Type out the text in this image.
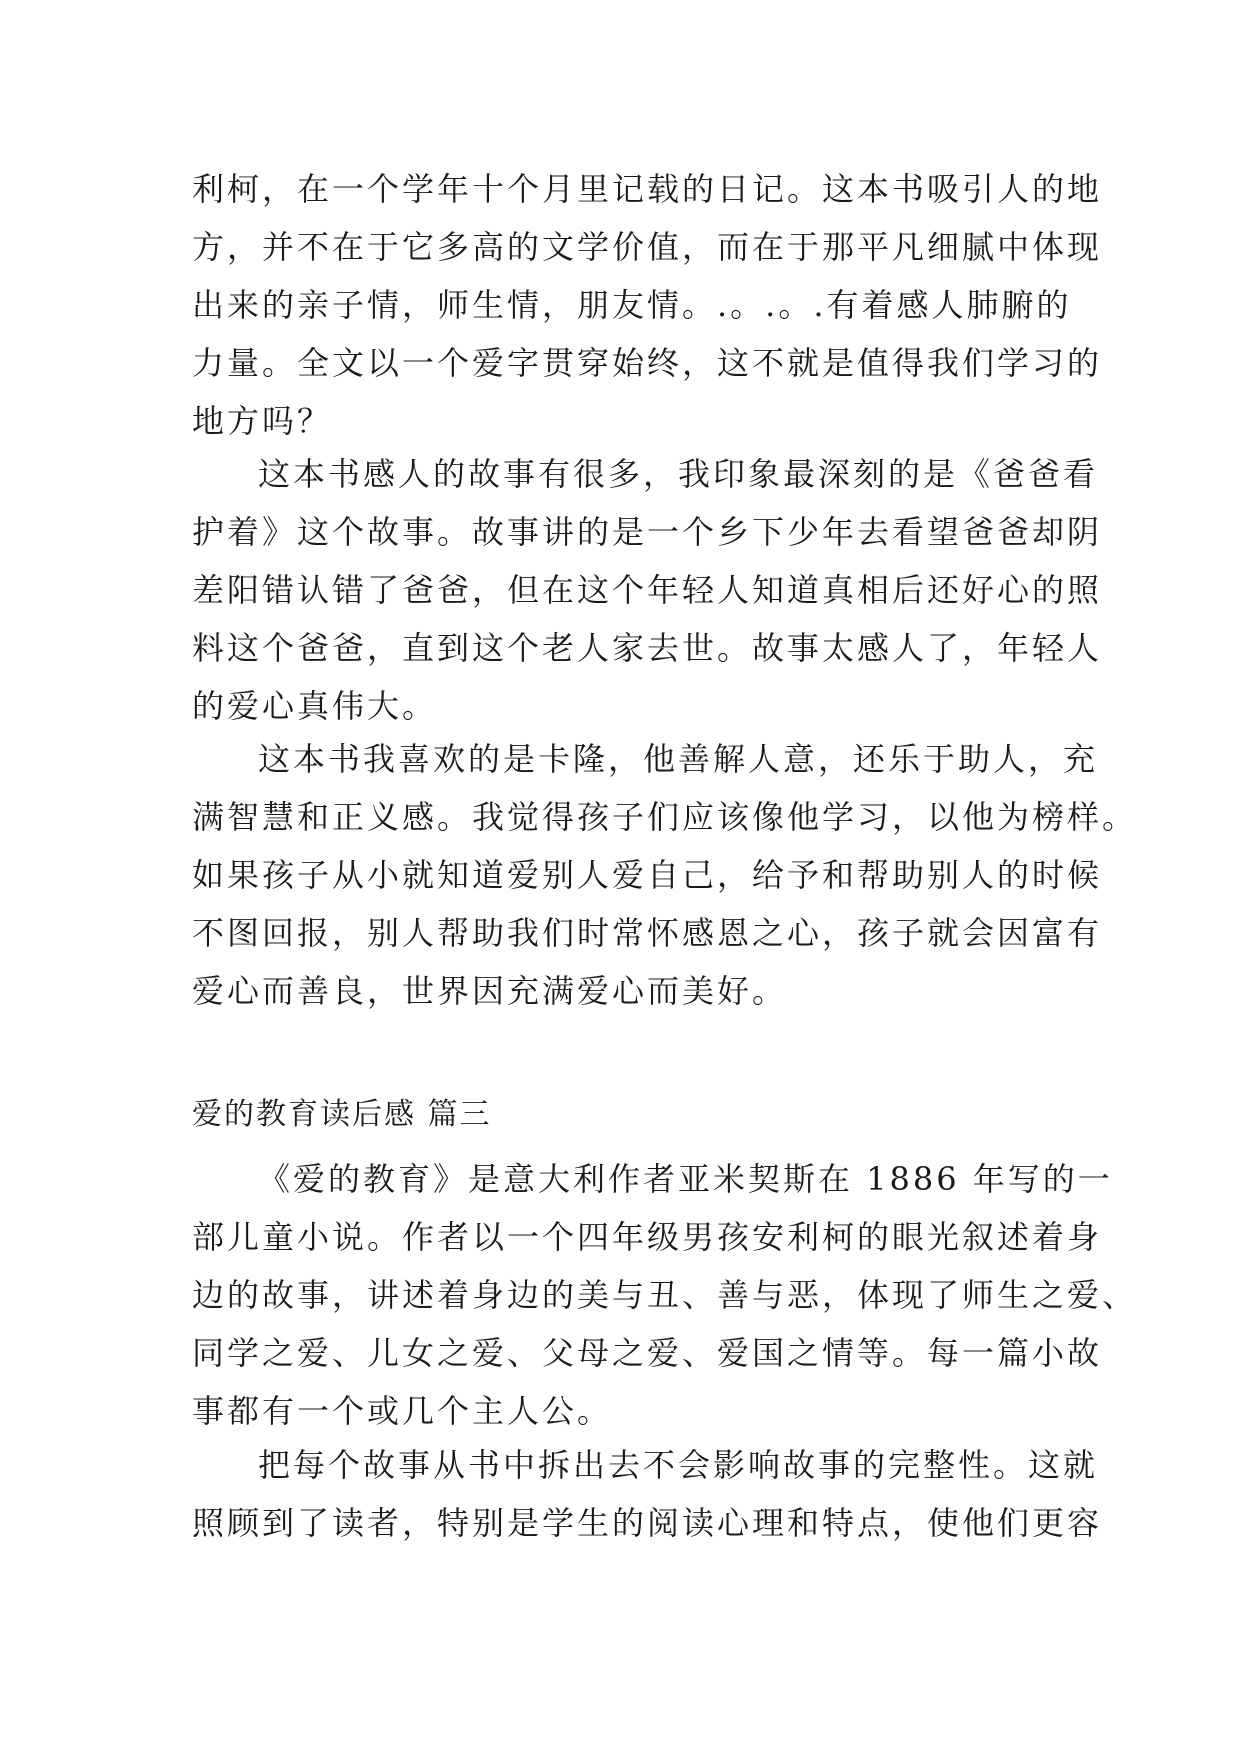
利柯，在一个学年十个月里记载的日记。这本书吸引人的地
方，并不在于它多高的文学价值，而在于那平凡细腻中体现
出来的亲子情，师生情，朋友情。.。.。.有着感人肺腑的
力量。全文以一个爱字贯穿始终，这不就是值得我们学习的
地方吗？
这本书感人的故事有很多，我印象最深刻的是《爸爸看
护着》这个故事。故事讲的是一个乡下少年去看望爸爸却阴
差阳错认错了爸爸，但在这个年轻人知道真相后还好心的照
料这个爸爸，直到这个老人家去世。故事太感人了，年轻人
的爱心真伟大。
这本书我喜欢的是卡隆，他善解人意，还乐于助人，充
满智慧和正义感。我觉得孩子们应该像他学习，以他为榜样。
如果孩子从小就知道爱别人爱自己，给予和帮助别人的时候
不图回报，别人帮助我们时常怀感恩之心，孩子就会因富有
爱心而善良，世界因充满爱心而美好。
爱的教育读后感 篇三
《爱的教育》是意大利作者亚米契斯在 1886 年写的一
部儿童小说。作者以一个四年级男孩安利柯的眼光叙述着身
边的故事，讲述着身边的美与丑、善与恶，体现了师生之爱、
同学之爱、儿女之爱、父母之爱、爱国之情等。每一篇小故
事都有一个或几个主人公。
把每个故事从书中拆出去不会影响故事的完整性。这就
照顾到了读者，特别是学生的阅读心理和特点，使他们更容
